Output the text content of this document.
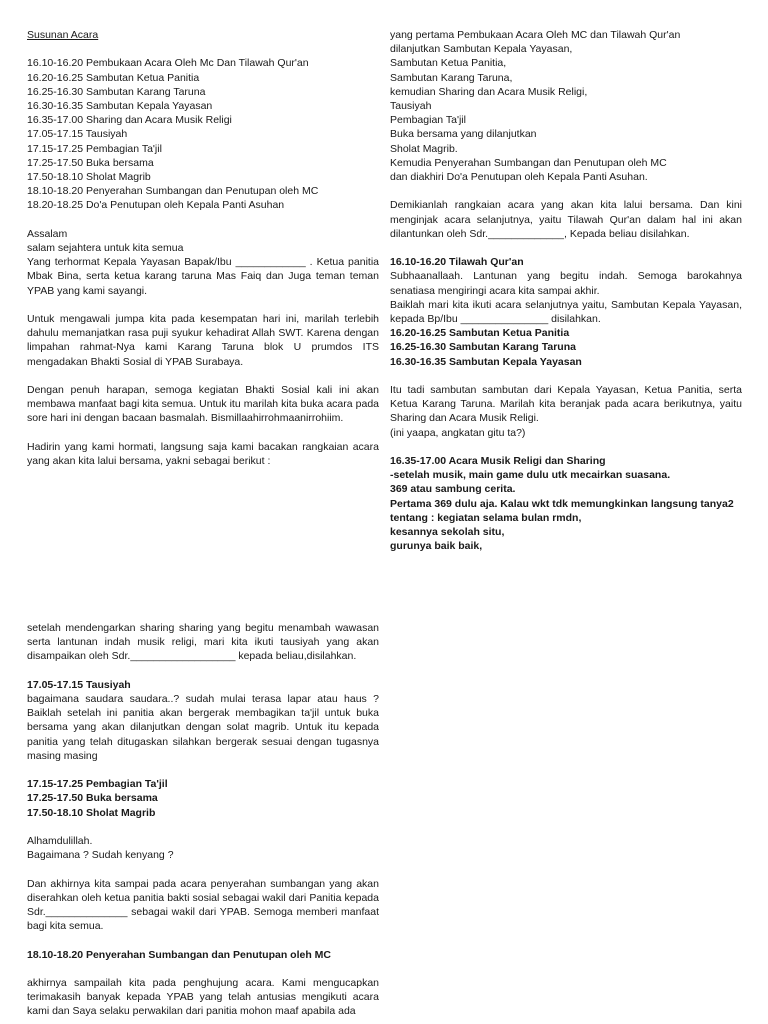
Susunan Acara

16.10-16.20 Pembukaan Acara Oleh Mc Dan Tilawah Qur'an

16.20-16.25 Sambutan Ketua Panitia

16.25-16.30 Sambutan Karang Taruna

16.30-16.35 Sambutan Kepala Yayasan

16.35-17.00 Sharing dan Acara Musik Religi

17.05-17.15 Tausiyah

17.15-17.25 Pembagian Ta'jil

17.25-17.50 Buka bersama

17.50-18.10 Sholat Magrib

18.10-18.20 Penyerahan Sumbangan dan Penutupan oleh MC

18.20-18.25 Do'a Penutupan oleh Kepala Panti Asuhan

Assalam

salam sejahtera untuk kita semua

Yang terhormat Kepala Yayasan Bapak/Ibu ____________ . Ketua panitia Mbak Bina, serta ketua karang taruna Mas Faiq dan Juga teman teman YPAB yang kami sayangi.

Untuk mengawali jumpa kita pada kesempatan hari ini, marilah terlebih dahulu memanjatkan rasa puji syukur kehadirat Allah SWT. Karena dengan limpahan rahmat-Nya kami Karang Taruna blok U prumdos ITS mengadakan Bhakti Sosial di YPAB Surabaya.

Dengan penuh harapan, semoga kegiatan Bhakti Sosial kali ini akan membawa manfaat bagi kita semua. Untuk itu marilah kita buka acara pada sore hari ini dengan bacaan basmalah. Bismillaahirrohmaanirrohiim.

Hadirin yang kami hormati, langsung saja kami bacakan rangkaian acara yang akan kita lalui bersama, yakni sebagai berikut :

yang pertama Pembukaan Acara Oleh MC dan Tilawah Qur'an

dilanjutkan Sambutan Kepala Yayasan,

Sambutan Ketua Panitia,

Sambutan Karang Taruna,

kemudian Sharing dan Acara Musik Religi,

Tausiyah

Pembagian Ta'jil

Buka bersama yang dilanjutkan

Sholat Magrib.

Kemudia Penyerahan Sumbangan dan Penutupan oleh MC

dan diakhiri Do'a Penutupan oleh Kepala Panti Asuhan.

Demikianlah rangkaian acara yang akan kita lalui bersama. Dan kini menginjak acara selanjutnya, yaitu Tilawah Qur'an dalam hal ini akan dilantunkan oleh Sdr._____________, Kepada beliau disilahkan.

16.10-16.20 Tilawah Qur'an

Subhaanallaah. Lantunan yang begitu indah. Semoga barokahnya senatiasa mengiringi acara kita sampai akhir.

Baiklah mari kita ikuti acara selanjutnya yaitu, Sambutan Kepala Yayasan, kepada Bp/Ibu _______________ disilahkan.

16.20-16.25 Sambutan Ketua Panitia

16.25-16.30 Sambutan Karang Taruna

16.30-16.35 Sambutan Kepala Yayasan

Itu tadi sambutan sambutan dari Kepala Yayasan, Ketua Panitia, serta Ketua Karang Taruna. Marilah kita beranjak pada acara berikutnya, yaitu Sharing dan Acara Musik Religi.

(ini yaapa, angkatan gitu ta?)

16.35-17.00 Acara Musik Religi dan Sharing

-setelah musik, main game dulu utk mecairkan suasana.

369 atau sambung cerita.

Pertama 369 dulu aja. Kalau wkt tdk memungkinkan langsung tanya2

tentang : kegiatan selama bulan rmdn,

kesannya sekolah situ,

gurunya baik baik,

setelah mendengarkan sharing sharing yang begitu menambah wawasan serta lantunan indah musik religi, mari kita ikuti tausiyah yang akan disampaikan oleh Sdr.__________________ kepada beliau,disilahkan.

17.05-17.15 Tausiyah

bagaimana saudara saudara..? sudah mulai terasa lapar atau haus ? Baiklah setelah ini panitia akan bergerak membagikan ta'jil untuk buka bersama yang akan dilanjutkan dengan solat magrib. Untuk itu kepada panitia yang telah ditugaskan silahkan bergerak sesuai dengan tugasnya masing masing

17.15-17.25 Pembagian Ta'jil

17.25-17.50 Buka bersama

17.50-18.10 Sholat Magrib

Alhamdulillah.

Bagaimana ? Sudah kenyang ?

Dan akhirnya kita sampai pada acara penyerahan sumbangan yang akan diserahkan oleh ketua panitia bakti sosial sebagai wakil dari Panitia kepada Sdr.______________ sebagai wakil dari YPAB. Semoga memberi manfaat bagi kita semua.

18.10-18.20 Penyerahan Sumbangan dan Penutupan oleh MC

akhirnya sampailah kita pada penghujung acara. Kami mengucapkan terimakasih banyak kepada YPAB yang telah antusias mengikuti acara kami dan Saya selaku perwakilan dari panitia mohon maaf apabila ada
